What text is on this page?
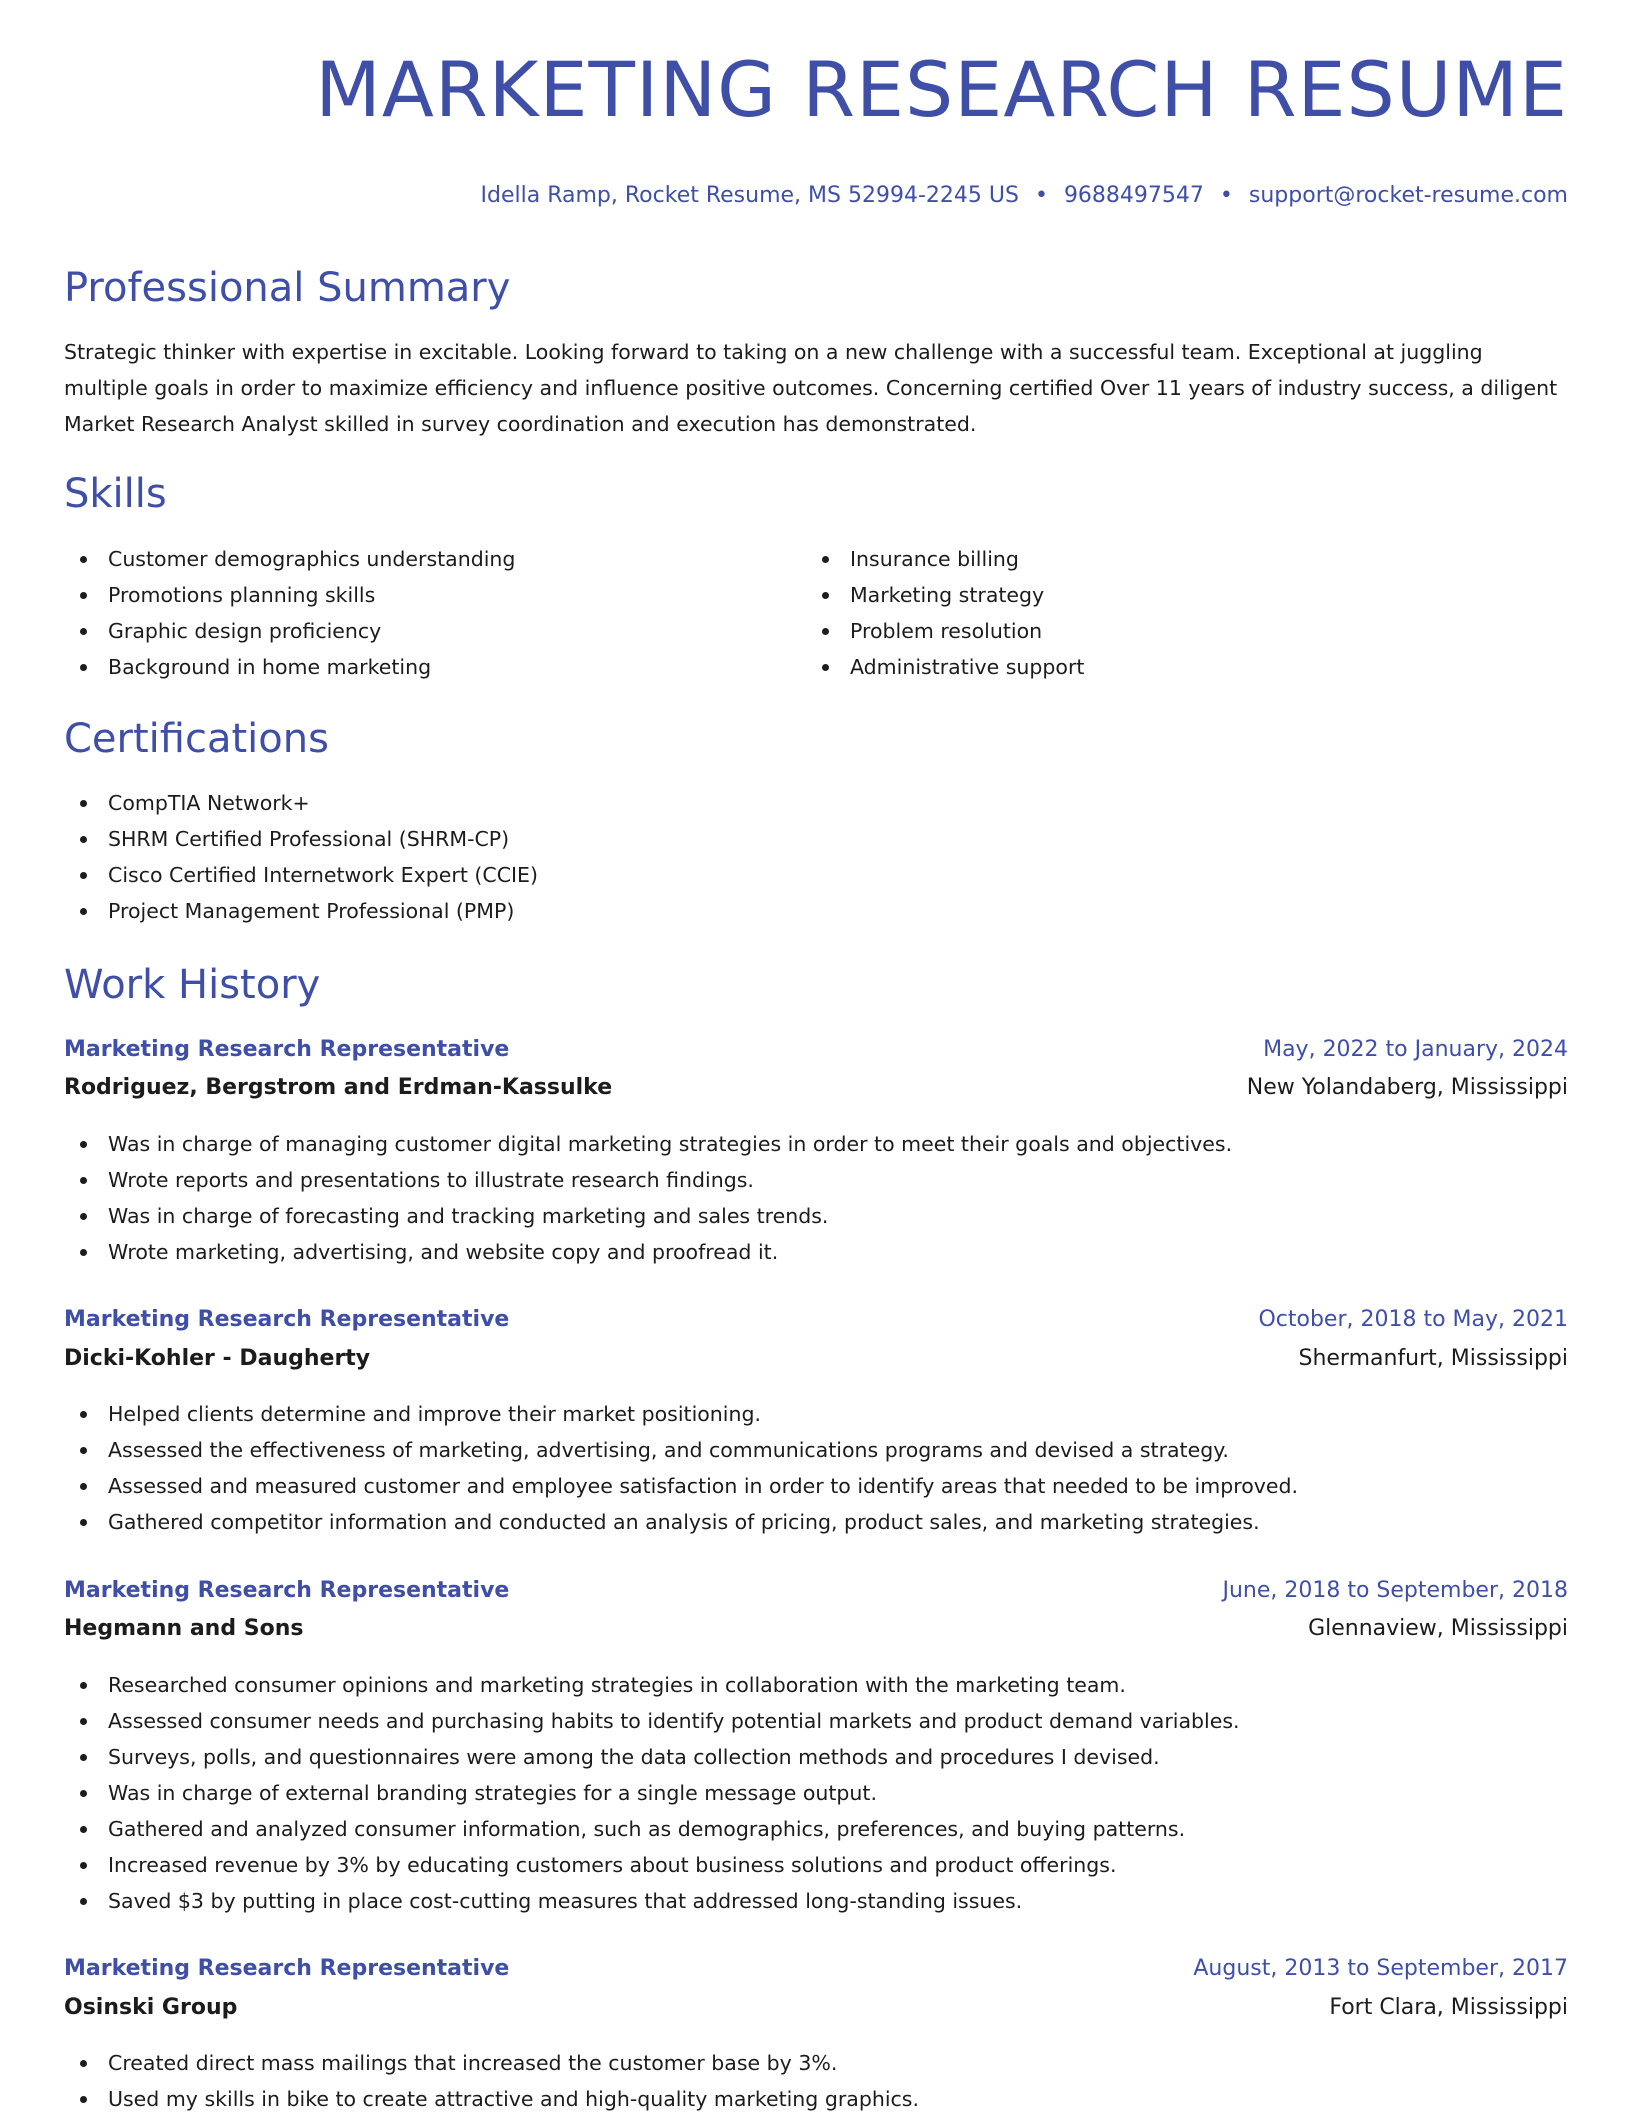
MARKETING RESEARCH RESUME
Idella Ramp, Rocket Resume, MS 52994-2245 US • 9688497547 • support@rocket-resume.com
Professional Summary

Strategic thinker with expertise in excitable. Looking forward to taking on a new challenge with a successful team. Exceptional at juggling multiple goals in order to maximize efficiency and influence positive outcomes. Concerning certified Over 11 years of industry success, a diligent Market Research Analyst skilled in survey coordination and execution has demonstrated.

Skills
Customer demographics understanding
Promotions planning skills
Graphic design proficiency
Background in home marketing
Insurance billing
Marketing strategy
Problem resolution
Administrative support
Certifications
CompTIA Network+
SHRM Certified Professional (SHRM-CP)
Cisco Certified Internetwork Expert (CCIE)
Project Management Professional (PMP)
Work History
Marketing Research Representative	May, 2022 to January, 2024
Rodriguez, Bergstrom and Erdman-Kassulke	New Yolandaberg, Mississippi
Was in charge of managing customer digital marketing strategies in order to meet their goals and objectives.
Wrote reports and presentations to illustrate research findings.
Was in charge of forecasting and tracking marketing and sales trends.
Wrote marketing, advertising, and website copy and proofread it.
Marketing Research Representative	October, 2018 to May, 2021
Dicki-Kohler - Daugherty	Shermanfurt, Mississippi
Helped clients determine and improve their market positioning.
Assessed the effectiveness of marketing, advertising, and communications programs and devised a strategy.
Assessed and measured customer and employee satisfaction in order to identify areas that needed to be improved.
Gathered competitor information and conducted an analysis of pricing, product sales, and marketing strategies.
Marketing Research Representative	June, 2018 to September, 2018
Hegmann and Sons	Glennaview, Mississippi
Researched consumer opinions and marketing strategies in collaboration with the marketing team.
Assessed consumer needs and purchasing habits to identify potential markets and product demand variables.
Surveys, polls, and questionnaires were among the data collection methods and procedures I devised.
Was in charge of external branding strategies for a single message output.
Gathered and analyzed consumer information, such as demographics, preferences, and buying patterns.
Increased revenue by 3% by educating customers about business solutions and product offerings.
Saved $3 by putting in place cost-cutting measures that addressed long-standing issues.
Marketing Research Representative	August, 2013 to September, 2017
Osinski Group	Fort Clara, Mississippi
Created direct mass mailings that increased the customer base by 3%.
Used my skills in bike to create attractive and high-quality marketing graphics.
